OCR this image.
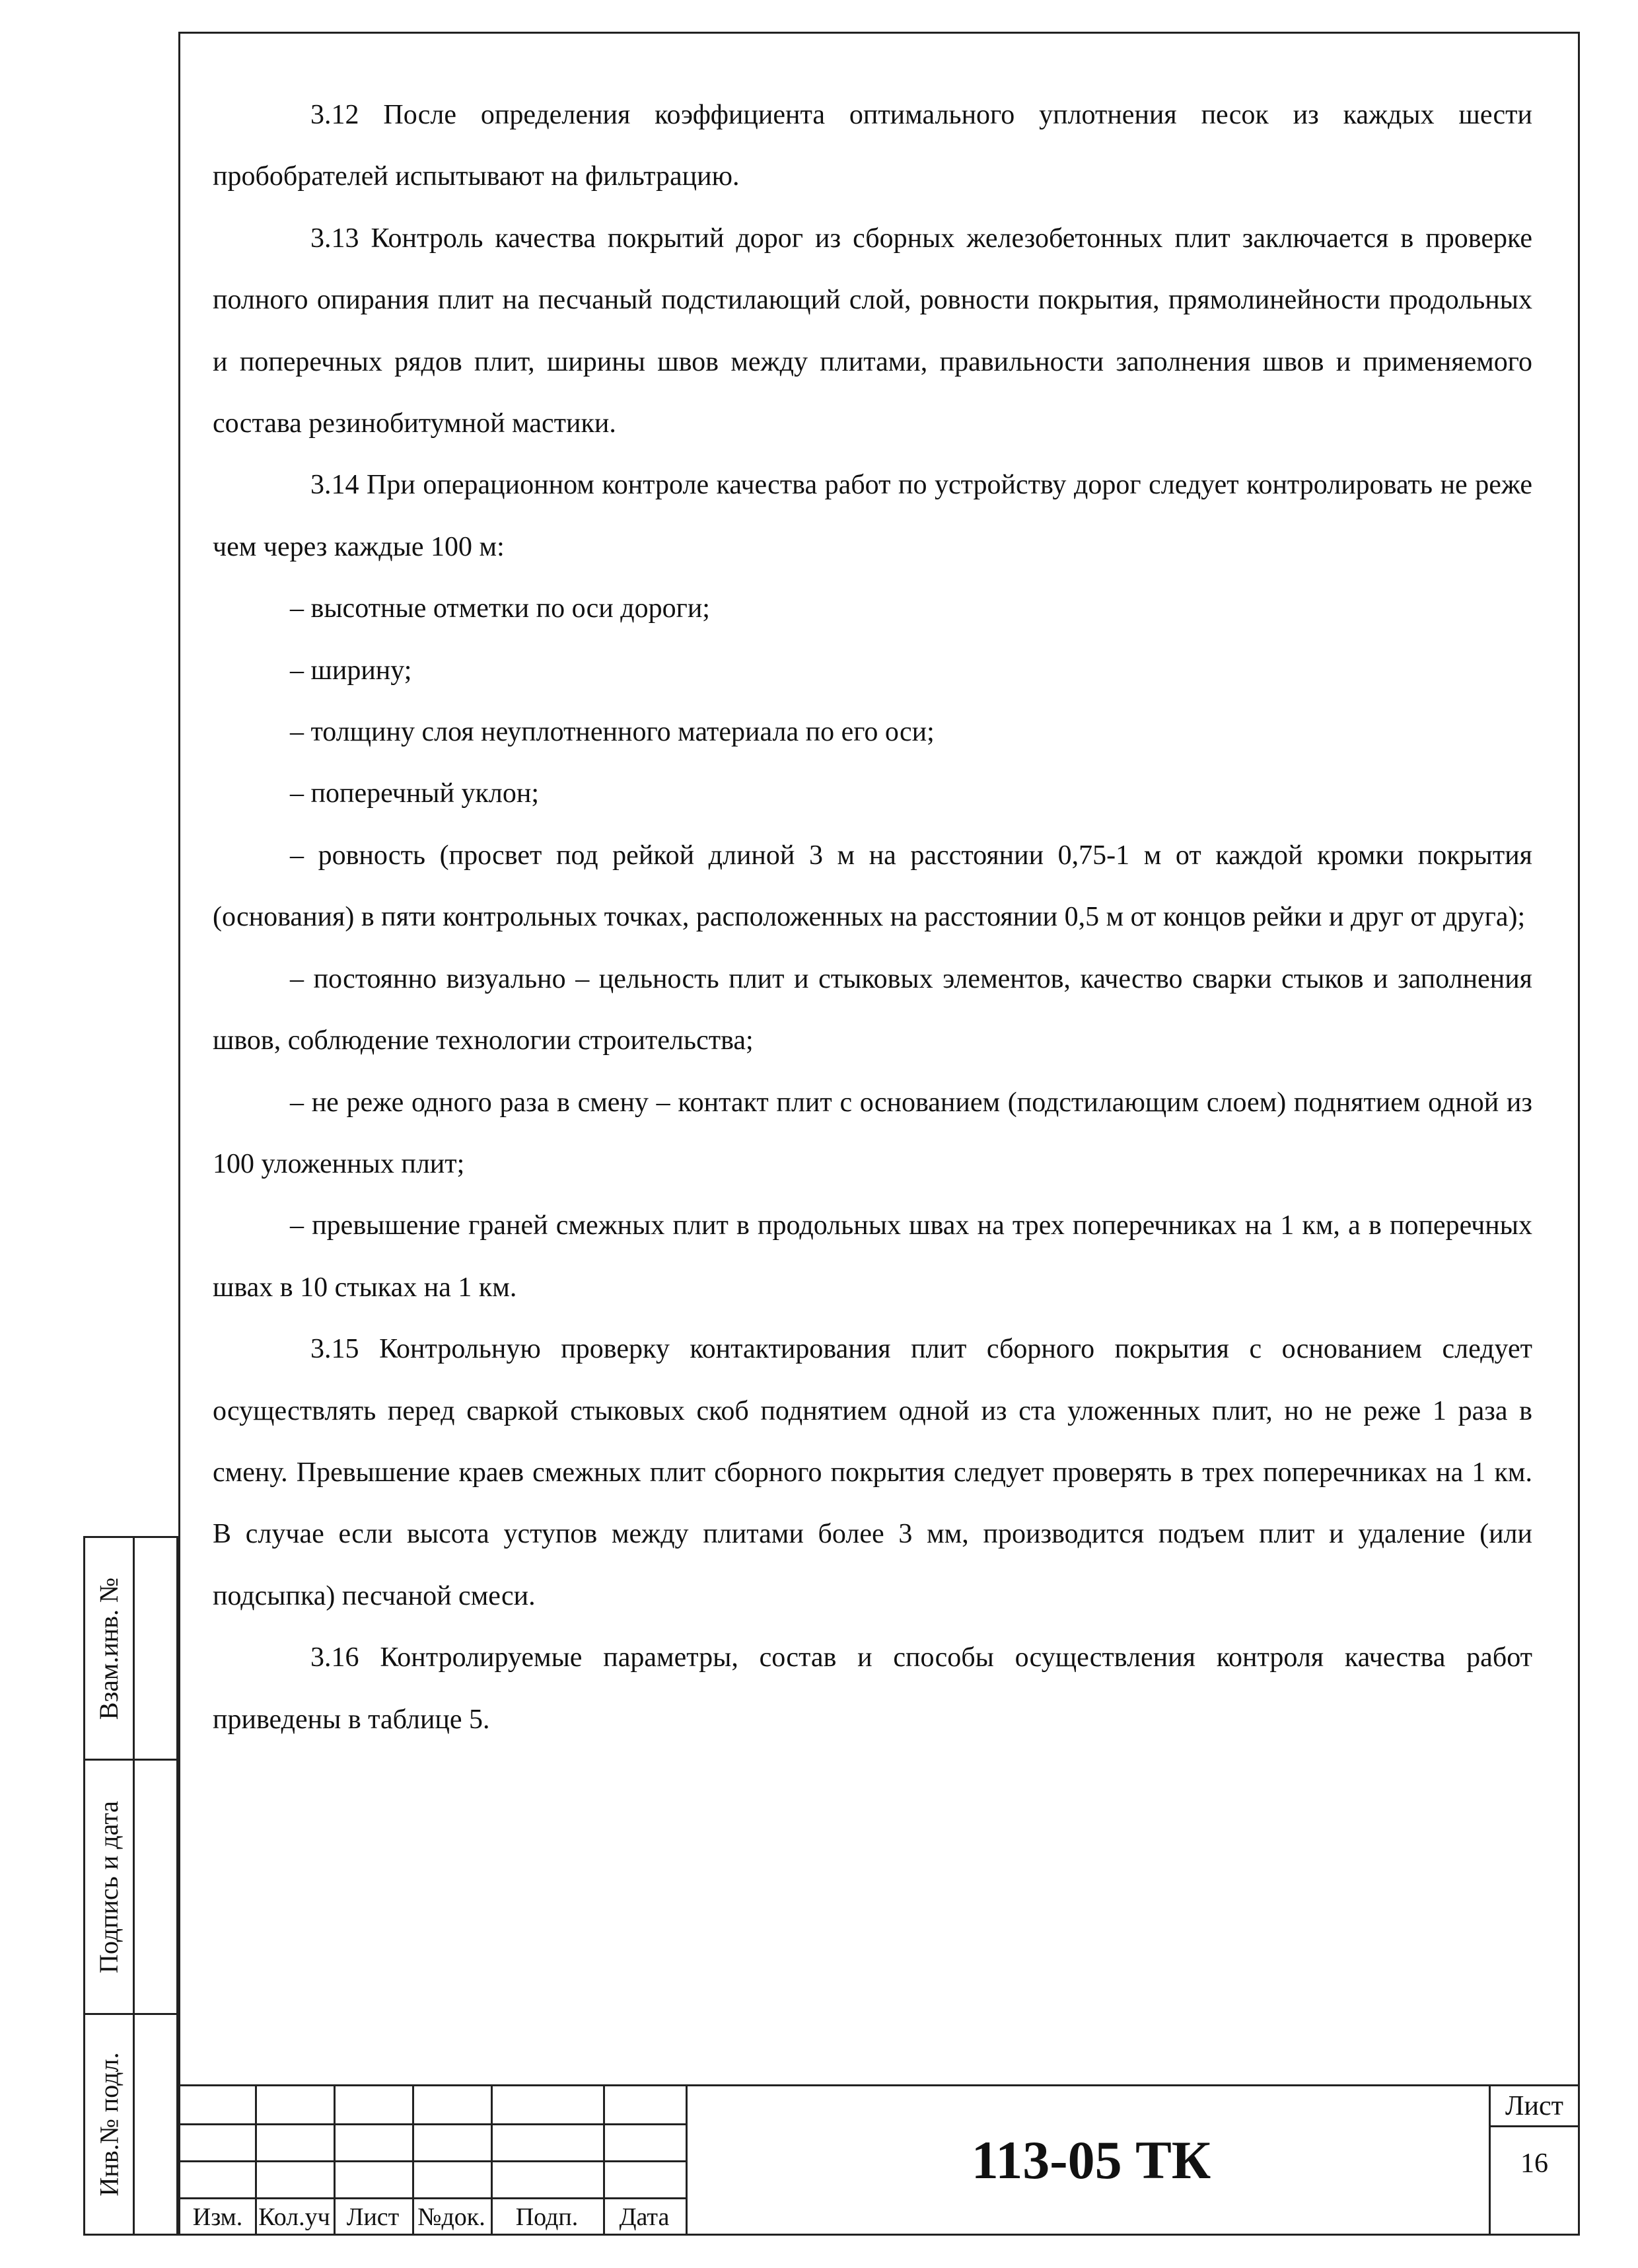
3.12 После определения коэффициента оптимального уплотнения песок из каждых шести пробобрателей испытывают на фильтрацию.

3.13 Контроль качества покрытий дорог из сборных железобетонных плит заключается в проверке полного опирания плит на песчаный подстилающий слой, ровности покрытия, прямолинейности продольных и поперечных рядов плит, ширины швов между плитами, правильности заполнения швов и применяемого состава резинобитумной мастики.

3.14 При операционном контроле качества работ по устройству дорог следует контролировать не реже чем через каждые 100 м:

– высотные отметки по оси дороги;

– ширину;

– толщину слоя неуплотненного материала по его оси;

– поперечный уклон;

– ровность (просвет под рейкой длиной 3 м на расстоянии 0,75-1 м от каждой кромки покрытия (основания) в пяти контрольных точках, расположенных на расстоянии 0,5 м от концов рейки и друг от друга);

– постоянно визуально – цельность плит и стыковых элементов, качество сварки стыков и заполнения швов, соблюдение технологии строительства;

– не реже одного раза в смену – контакт плит с основанием (подстилающим слоем) поднятием одной из 100 уложенных плит;

– превышение граней смежных плит в продольных швах на трех поперечниках на 1 км, а в поперечных швах в 10 стыках на 1 км.

3.15 Контрольную проверку контактирования плит сборного покрытия с основанием следует осуществлять перед сваркой стыковых скоб поднятием одной из ста уложенных плит, но не реже 1 раза в смену. Превышение краев смежных плит сборного покрытия следует проверять в трех поперечниках на 1 км. В случае если высота уступов между плитами более 3 мм, производится подъем плит и удаление (или подсыпка) песчаной смеси.

3.16 Контролируемые параметры, состав и способы осуществления контроля качества работ приведены в таблице 5.

Взам.инв. №
Подпись и дата
Инв.№ подл.
Изм. Кол.уч Лист №док.	Подп.	Дата
113-05 ТК
Лист
16
